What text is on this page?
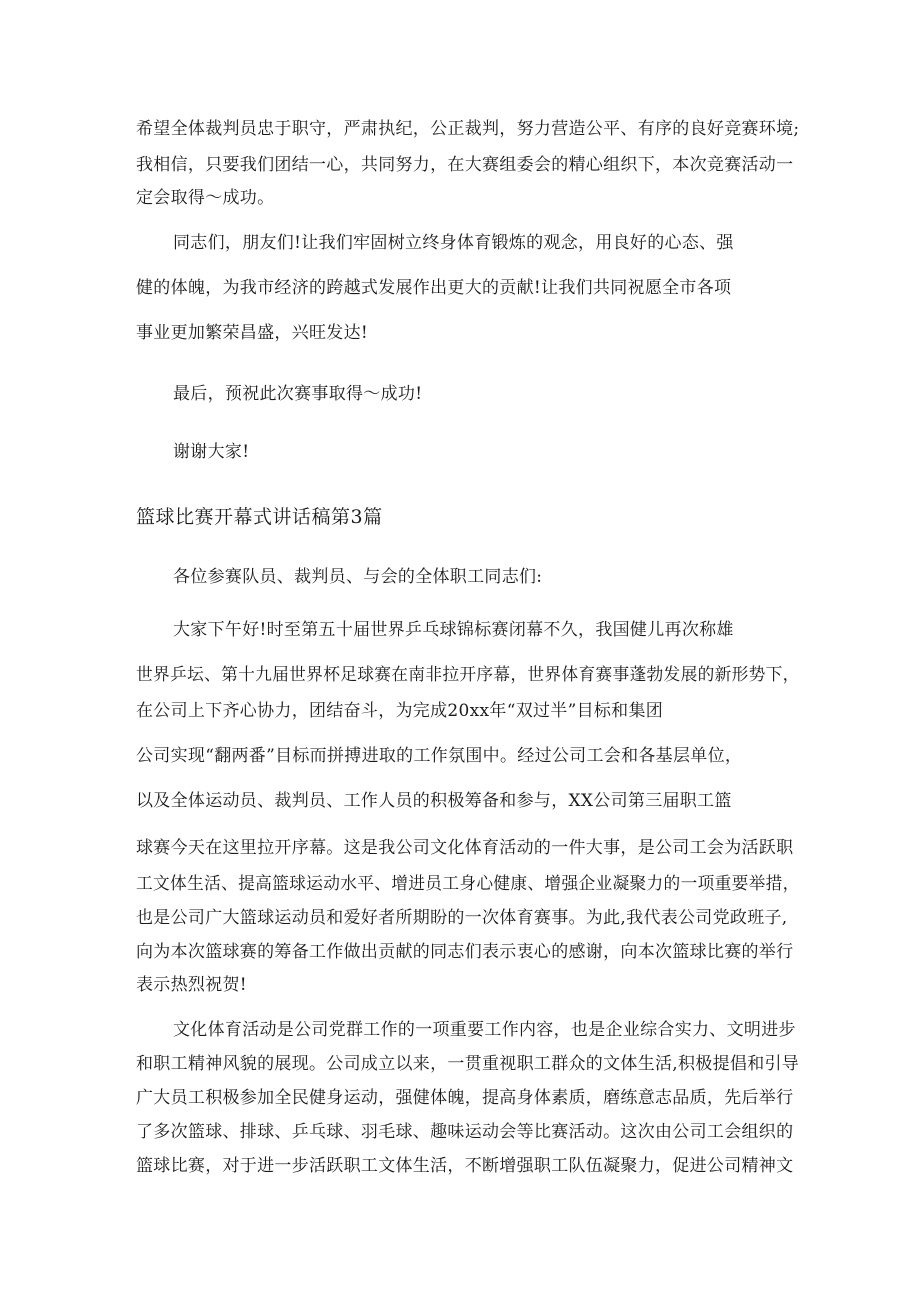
希望全体裁判员忠于职守，严肃执纪，公正裁判，努力营造公平、有序的良好竞赛环境;
我相信，只要我们团结一心，共同努力，在大赛组委会的精心组织下，本次竞赛活动一
定会取得～成功。
同志们，朋友们!让我们牢固树立终身体育锻炼的观念，用良好的心态、强
健的体魄，为我市经济的跨越式发展作出更大的贡献!让我们共同祝愿全市各项
事业更加繁荣昌盛，兴旺发达!
最后，预祝此次赛事取得～成功!
谢谢大家!
篮球比赛开幕式讲话稿第3篇
各位参赛队员、裁判员、与会的全体职工同志们:
大家下午好!时至第五十届世界乒乓球锦标赛闭幕不久，我国健儿再次称雄
世界乒坛、第十九届世界杯足球赛在南非拉开序幕，世界体育赛事蓬勃发展的新形势下，
在公司上下齐心协力，团结奋斗，为完成20xx年“双过半”目标和集团
公司实现“翻两番”目标而拼搏进取的工作氛围中。经过公司工会和各基层单位，
以及全体运动员、裁判员、工作人员的积极筹备和参与，XX公司第三届职工篮
球赛今天在这里拉开序幕。这是我公司文化体育活动的一件大事，是公司工会为活跃职
工文体生活、提高篮球运动水平、增进员工身心健康、增强企业凝聚力的一项重要举措，
也是公司广大篮球运动员和爱好者所期盼的一次体育赛事。为此,我代表公司党政班子,
向为本次篮球赛的筹备工作做出贡献的同志们表示衷心的感谢，向本次篮球比赛的举行
表示热烈祝贺!
文化体育活动是公司党群工作的一项重要工作内容，也是企业综合实力、文明进步
和职工精神风貌的展现。公司成立以来，一贯重视职工群众的文体生活,积极提倡和引导
广大员工积极参加全民健身运动，强健体魄，提高身体素质，磨练意志品质，先后举行
了多次篮球、排球、乒乓球、羽毛球、趣味运动会等比赛活动。这次由公司工会组织的
篮球比赛，对于进一步活跃职工文体生活，不断增强职工队伍凝聚力，促进公司精神文
